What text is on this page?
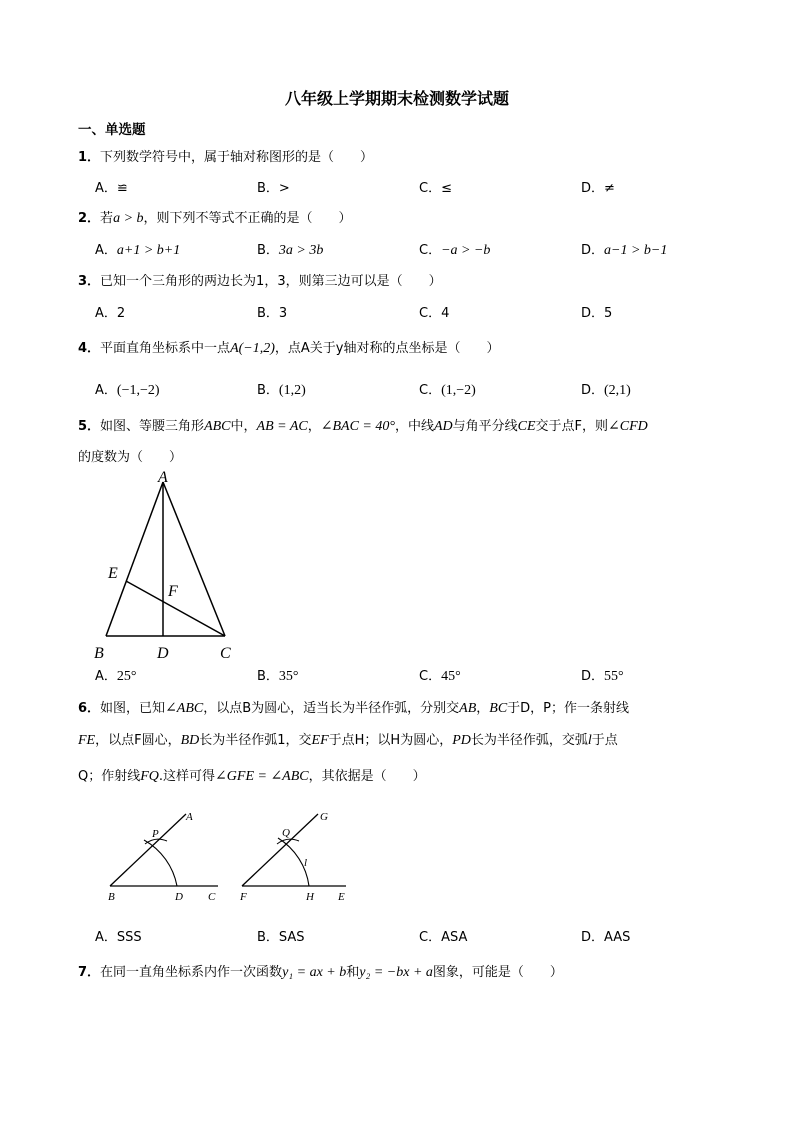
八年级上学期期末检测数学试题
一、单选题
1．下列数学符号中，属于轴对称图形的是（　　）
A．≌	B．>	C．≤	D．≠
2．若a > b，则下列不等式不正确的是（　　）
A．a+1 > b+1	B．3a > 3b	C．−a > −b	D．a−1 > b−1
3．已知一个三角形的两边长为1，3，则第三边可以是（　　）
A．2	B．3	C．4	D．5
4．平面直角坐标系中一点A(−1,2)，点A关于y轴对称的点坐标是（　　）
A．(−1,−2)	B．(1,2)	C．(1,−2)	D．(2,1)
5．如图、等腰三角形ABC中，AB = AC，∠BAC = 40°，中线AD与角平分线CE交于点F，则∠CFD
的度数为（　　）
A
E
F
B	D	C
A．25°	B．35°	C．45°	D．55°
6．如图，已知∠ABC，以点B为圆心，适当长为半径作弧，分别交AB，BC于D，P；作一条射线
FE，以点F圆心，BD长为半径作弧1，交EF于点H；以H为圆心，PD长为半径作弧，交弧l于点
Q；作射线FQ.这样可得∠GFE = ∠ABC，其依据是（　　）
A
P
B	D C
G
Q
l
F	H E
A．SSS	B．SAS	C．ASA	D．AAS
7．在同一直角坐标系内作一次函数y₁ = ax + b和y₂ = −bx + a图象，可能是（　　）
